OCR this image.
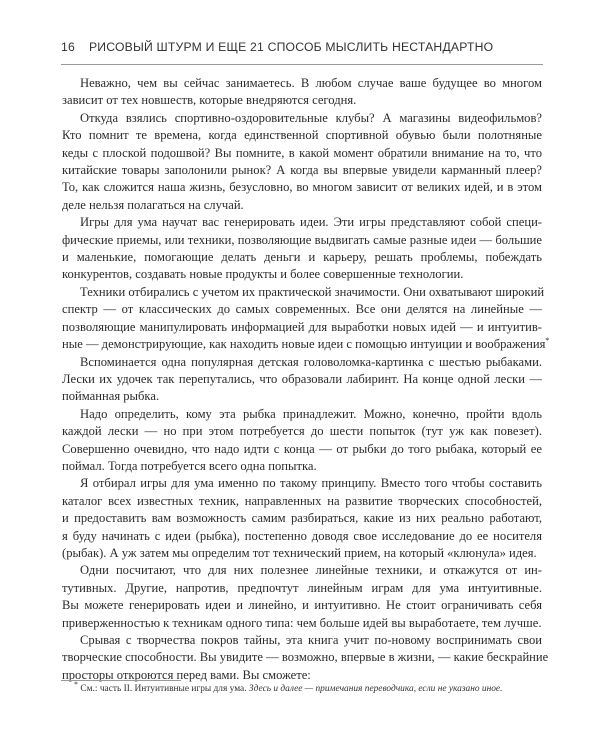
16 РИСОВЫЙ ШТУРМ И ЕЩЕ 21 СПОСОБ МЫСЛИТЬ НЕСТАНДАРТНО
Неважно, чем вы сейчас занимаетесь. В любом случае ваше будущее во многом
зависит от тех новшеств, которые внедряются сегодня.
Откуда взялись спортивно-оздоровительные клубы? А магазины видеофильмов?
Кто помнит те времена, когда единственной спортивной обувью были полотняные
кеды с плоской подошвой? Вы помните, в какой момент обратили внимание на то, что
китайские товары заполонили рынок? А когда вы впервые увидели карманный плеер?
То, как сложится наша жизнь, безусловно, во многом зависит от великих идей, и в этом
деле нельзя полагаться на случай.
Игры для ума научат вас генерировать идеи. Эти игры представляют собой специ-
фические приемы, или техники, позволяющие выдвигать самые разные идеи — большие
и маленькие, помогающие делать деньги и карьеру, решать проблемы, побеждать
конкурентов, создавать новые продукты и более совершенные технологии.
Техники отбирались с учетом их практической значимости. Они охватывают широкий
спектр — от классических до самых современных. Все они делятся на линейные —
позволяющие манипулировать информацией для выработки новых идей — и интуитив-
ные — демонстрирующие, как находить новые идеи с помощью интуиции и воображения*
Вспоминается одна популярная детская головоломка-картинка с шестью рыбаками.
Лески их удочек так перепутались, что образовали лабиринт. На конце одной лески —
пойманная рыбка.
Надо определить, кому эта рыбка принадлежит. Можно, конечно, пройти вдоль
каждой лески — но при этом потребуется до шести попыток (тут уж как повезет).
Совершенно очевидно, что надо идти с конца — от рыбки до того рыбака, который ее
поймал. Тогда потребуется всего одна попытка.
Я отбирал игры для ума именно по такому принципу. Вместо того чтобы составить
каталог всех известных техник, направленных на развитие творческих способностей,
и предоставить вам возможность самим разбираться, какие из них реально работают,
я буду начинать с идеи (рыбка), постепенно доводя свое исследование до ее носителя
(рыбак). А уж затем мы определим тот технический прием, на который «клюнула» идея.
Одни посчитают, что для них полезнее линейные техники, и откажутся от ин-
тутивных. Другие, напротив, предпочтут линейным играм для ума интуитивные.
Вы можете генерировать идеи и линейно, и интуитивно. Не стоит ограничивать себя
приверженностью к техникам одного типа: чем больше идей вы выработаете, тем лучше.
Срывая с творчества покров тайны, эта книга учит по-новому воспринимать свои
творческие способности. Вы увидите — возможно, впервые в жизни, — какие бескрайние
просторы откроются перед вами. Вы сможете:
* См.: часть II. Интуитивные игры для ума. Здесь и далее — примечания переводчика, если не указано иное.
